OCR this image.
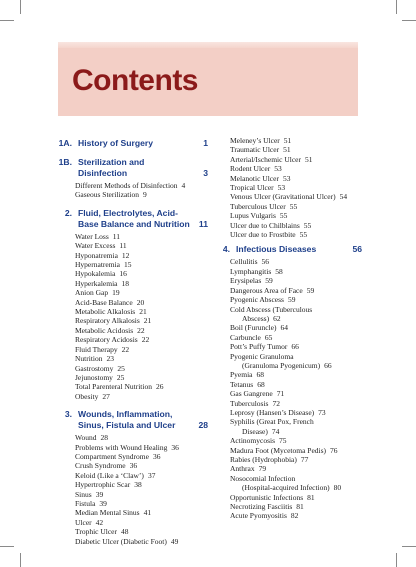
Contents
1A. History of Surgery	1
1B. Sterilization and Disinfection	3
Different Methods of Disinfection 4
Gaseous Sterilization 9
2. Fluid, Electrolytes, Acid-Base Balance and Nutrition	11
Water Loss 11
Water Excess 11
Hyponatremia 12
Hypernatremia 15
Hypokalemia 16
Hyperkalemia 18
Anion Gap 19
Acid-Base Balance 20
Metabolic Alkalosis 21
Respiratory Alkalosis 21
Metabolic Acidosis 22
Respiratory Acidosis 22
Fluid Therapy 22
Nutrition 23
Gastrostomy 25
Jejunostomy 25
Total Parenteral Nutrition 26
Obesity 27
3. Wounds, Inflammation, Sinus, Fistula and Ulcer	28
Wound 28
Problems with Wound Healing 36
Compartment Syndrome 36
Crush Syndrome 36
Keloid (Like a ‘Claw’) 37
Hypertrophic Scar 38
Sinus 39
Fistula 39
Median Mental Sinus 41
Ulcer 42
Trophic Ulcer 48
Diabetic Ulcer (Diabetic Foot) 49
Meleney’s Ulcer 51
Traumatic Ulcer 51
Arterial/Ischemic Ulcer 51
Rodent Ulcer 53
Melanotic Ulcer 53
Tropical Ulcer 53
Venous Ulcer (Gravitational Ulcer) 54
Tuberculous Ulcer 55
Lupus Vulgaris 55
Ulcer due to Chilblains 55
Ulcer due to Frostbite 55
4. Infectious Diseases	56
Cellulitis 56
Lymphangitis 58
Erysipelas 59
Dangerous Area of Face 59
Pyogenic Abscess 59
Cold Abscess (Tuberculous
Abscess) 62
Boil (Furuncle) 64
Carbuncle 65
Pott’s Puffy Tumor 66
Pyogenic Granuloma
(Granuloma Pyogenicum) 66
Pyemia 68
Tetanus 68
Gas Gangrene 71
Tuberculosis 72
Leprosy (Hansen’s Disease) 73
Syphilis (Great Pox, French
Disease) 74
Actinomycosis 75
Madura Foot (Mycetoma Pedis) 76
Rabies (Hydrophobia) 77
Anthrax 79
Nosocomial Infection
(Hospital-acquired Infection) 80
Opportunistic Infections 81
Necrotizing Fasciitis 81
Acute Pyomyositis 82
